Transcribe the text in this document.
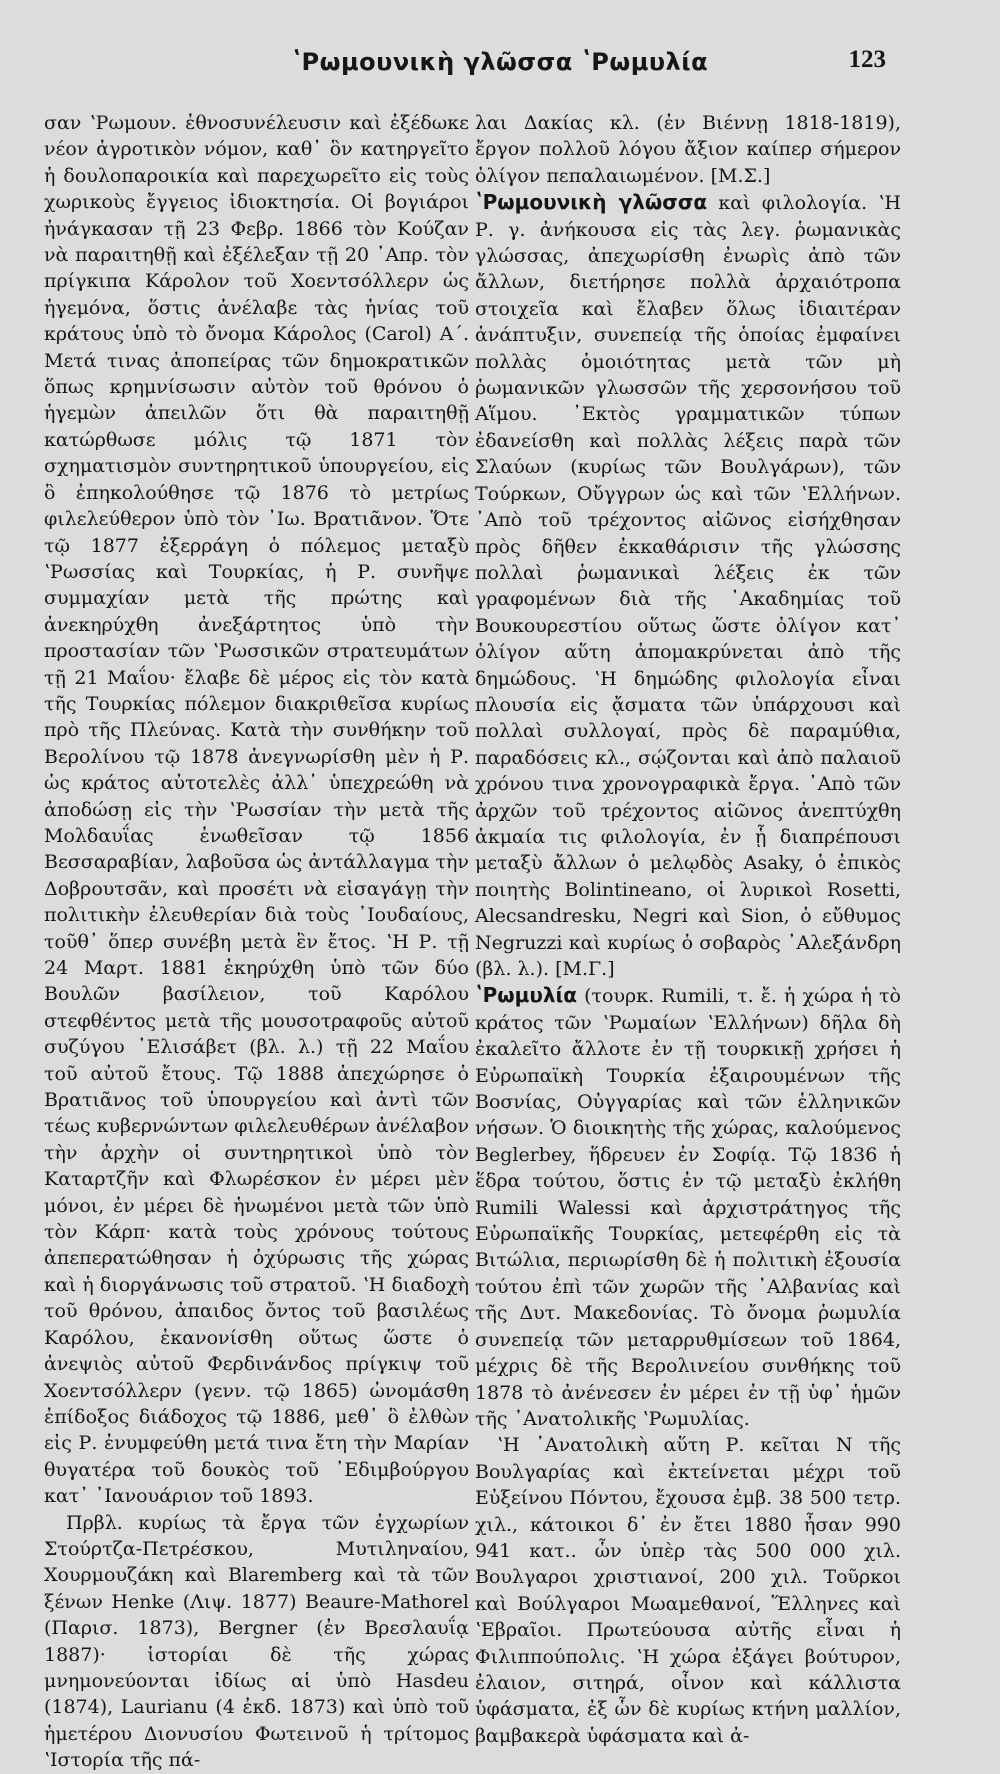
ʽΡωμουνικὴ γλῶσσα ʽΡωμυλία	123

σαν ʽΡωμουν. ἐθνοσυνέλευσιν καὶ ἐξέδωκε νέον ἀγροτικὸν νόμον, καθ᾽ ὃν κατηργεῖτο ἡ δουλοπαροικία καὶ παρεχωρεῖτο εἰς τοὺς χωρικοὺς ἔγγειος ἰδιοκτησία. Οἱ βογιάροι ἠνάγκασαν τῇ 23 Φεβρ. 1866 τὸν Κούζαν νὰ παραιτηθῇ καὶ ἐξέλεξαν τῇ 20 ᾽Απρ. τὸν πρίγκιπα Κάρολον τοῦ Χοεντσόλλερν ὡς ἡγεμόνα, ὅστις ἀνέλαβε τὰς ἡνίας τοῦ κράτους ὑπὸ τὸ ὄνομα Κάρολος (Carol) Α΄. Μετά τινας ἀποπείρας τῶν δημοκρατικῶν ὅπως κρημνίσωσιν αὐτὸν τοῦ θρόνου ὁ ἡγεμὼν ἀπειλῶν ὅτι θὰ παραιτηθῇ κατώρθωσε μόλις τῷ 1871 τὸν σχηματισμὸν συντηρητικοῦ ὑπουργείου, εἰς ὃ ἐπηκολούθησε τῷ 1876 τὸ μετρίως φιλελεύθερον ὑπὸ τὸν ᾽Ιω. Βρατιᾶνον. Ὅτε τῷ 1877 ἐξερράγη ὁ πόλεμος μεταξὺ ʽΡωσσίας καὶ Τουρκίας, ἡ Ρ. συνῆψε συμμαχίαν μετὰ τῆς πρώτης καὶ ἀνεκηρύχθη ἀνεξάρτητος ὑπὸ τὴν προστασίαν τῶν ʽΡωσσικῶν στρατευμάτων τῇ 21 Μαΐου· ἔλαβε δὲ μέρος εἰς τὸν κατὰ τῆς Τουρκίας πόλεμον διακριθεῖσα κυρίως πρὸ τῆς Πλεύνας. Κατὰ τὴν συνθήκην τοῦ Βερολίνου τῷ 1878 ἀνεγνωρίσθη μὲν ἡ Ρ. ὡς κράτος αὐτοτελὲς ἀλλ᾽ ὑπεχρεώθη νὰ ἀποδώσῃ εἰς τὴν ʽΡωσσίαν τὴν μετὰ τῆς Μολδαυΐας ἑνωθεῖσαν τῷ 1856 Βεσσαραβίαν, λαβοῦσα ὡς ἀντάλλαγμα τὴν Δοβρουτσᾶν, καὶ προσέτι νὰ εἰσαγάγῃ τὴν πολιτικὴν ἐλευθερίαν διὰ τοὺς ᾽Ιουδαίους, τοῦθ᾽ ὅπερ συνέβη μετὰ ἓν ἔτος. ʽΗ Ρ. τῇ 24 Μαρτ. 1881 ἐκηρύχθη ὑπὸ τῶν δύο Βουλῶν βασίλειον, τοῦ Καρόλου στεφθέντος μετὰ τῆς μουσοτραφοῦς αὐτοῦ συζύγου ᾽Ελισάβετ (βλ. λ.) τῇ 22 Μαΐου τοῦ αὐτοῦ ἔτους. Τῷ 1888 ἀπεχώρησε ὁ Βρατιᾶνος τοῦ ὑπουργείου καὶ ἀντὶ τῶν τέως κυβερνώντων φιλελευθέρων ἀνέλαβον τὴν ἀρχὴν οἱ συντηρητικοὶ ὑπὸ τὸν Καταρτζῆν καὶ Φλωρέσκον ἐν μέρει μὲν μόνοι, ἐν μέρει δὲ ἡνωμένοι μετὰ τῶν ὑπὸ τὸν Κάρπ· κατὰ τοὺς χρόνους τούτους ἀπεπερατώθησαν ἡ ὀχύρωσις τῆς χώρας καὶ ἡ διοργάνωσις τοῦ στρατοῦ. ʽΗ διαδοχὴ τοῦ θρόνου, ἀπαιδος ὄντος τοῦ βασιλέως Καρόλου, ἐκανονίσθη οὕτως ὥστε ὁ ἀνεψιὸς αὐτοῦ Φερδινάνδος πρίγκιψ τοῦ Χοεντσόλλερν (γενν. τῷ 1865) ὠνομάσθη ἐπίδοξος διάδοχος τῷ 1886, μεθ᾽ ὃ ἐλθὼν εἰς Ρ. ἐνυμφεύθη μετά τινα ἔτη τὴν Μαρίαν θυγατέρα τοῦ δουκὸς τοῦ ᾽Εδιμβούργου κατ᾽ ᾽Ιανουάριον τοῦ 1893.

Πρβλ. κυρίως τὰ ἔργα τῶν ἐγχωρίων Στούρτζα-Πετρέσκου, Μυτιληναίου, Χουρμουζάκη καὶ Blaremberg καὶ τὰ τῶν ξένων Henke (Λιψ. 1877) Beaure-Mathorel (Παρισ. 1873), Bergner (ἐν Βρεσλαυΐᾳ 1887)· ἱστορίαι δὲ τῆς χώρας μνημονεύονται ἰδίως αἱ ὑπὸ Hasdeu (1874), Laurianu (4 ἐκδ. 1873) καὶ ὑπὸ τοῦ ἡμετέρου Διονυσίου Φωτεινοῦ ἡ τρίτομος ʽΙστορία τῆς πά-

λαι Δακίας κλ. (ἐν Βιέννῃ 1818-1819), ἔργον πολλοῦ λόγου ἄξιον καίπερ σήμερον ὀλίγον πεπαλαιωμένον. [Μ.Σ.]

ʽΡωμουνικὴ γλῶσσα καὶ φιλολογία. ʽΗ Ρ. γ. ἀνήκουσα εἰς τὰς λεγ. ῥωμανικὰς γλώσσας, ἀπεχωρίσθη ἐνωρὶς ἀπὸ τῶν ἄλλων, διετήρησε πολλὰ ἀρχαιότροπα στοιχεῖα καὶ ἔλαβεν ὅλως ἰδιαιτέραν ἀνάπτυξιν, συνεπείᾳ τῆς ὁποίας ἐμφαίνει πολλὰς ὁμοιότητας μετὰ τῶν μὴ ῥωμανικῶν γλωσσῶν τῆς χερσονήσου τοῦ Αἵμου. ᾽Εκτὸς γραμματικῶν τύπων ἐδανείσθη καὶ πολλὰς λέξεις παρὰ τῶν Σλαύων (κυρίως τῶν Βουλγάρων), τῶν Τούρκων, Οὔγγρων ὡς καὶ τῶν ʽΕλλήνων. ᾽Απὸ τοῦ τρέχοντος αἰῶνος εἰσήχθησαν πρὸς δῆθεν ἐκκαθάρισιν τῆς γλώσσης πολλαὶ ῥωμανικαὶ λέξεις ἐκ τῶν γραφομένων διὰ τῆς ᾽Ακαδημίας τοῦ Βουκουρεστίου οὕτως ὥστε ὀλίγον κατ᾽ ὀλίγον αὕτη ἀπομακρύνεται ἀπὸ τῆς δημώδους. ʽΗ δημώδης φιλολογία εἶναι πλουσία εἰς ᾄσματα τῶν ὑπάρχουσι καὶ πολλαὶ συλλογαί, πρὸς δὲ παραμύθια, παραδόσεις κλ., σῴζονται καὶ ἀπὸ παλαιοῦ χρόνου τινα χρονογραφικὰ ἔργα. ᾽Απὸ τῶν ἀρχῶν τοῦ τρέχοντος αἰῶνος ἀνεπτύχθη ἀκμαία τις φιλολογία, ἐν ᾗ διαπρέπουσι μεταξὺ ἄλλων ὁ μελῳδὸς Asaky, ὁ ἐπικὸς ποιητὴς Bolintineano, οἱ λυρικοὶ Rosetti, Alecsandresku, Negri καὶ Sion, ὁ εὔθυμος Negruzzi καὶ κυρίως ὁ σοβαρὸς ᾽Αλεξάνδρη (βλ. λ.). [Μ.Γ.]

ʽΡωμυλία (τουρκ. Rumili, τ. ἔ. ἡ χώρα ἡ τὸ κράτος τῶν ʽΡωμαίων ʽΕλλήνων) δῆλα δὴ ἐκαλεῖτο ἄλλοτε ἐν τῇ τουρκικῇ χρήσει ἡ Εὐρωπαϊκὴ Τουρκία ἐξαιρουμένων τῆς Βοσνίας, Οὐγγαρίας καὶ τῶν ἑλληνικῶν νήσων. Ὁ διοικητὴς τῆς χώρας, καλούμενος Beglerbey, ἥδρευεν ἐν Σοφίᾳ. Τῷ 1836 ἡ ἕδρα τούτου, ὅστις ἐν τῷ μεταξὺ ἐκλήθη Rumili Walessi καὶ ἀρχιστράτηγος τῆς Εὐρωπαϊκῆς Τουρκίας, μετεφέρθη εἰς τὰ Βιτώλια, περιωρίσθη δὲ ἡ πολιτικὴ ἐξουσία τούτου ἐπὶ τῶν χωρῶν τῆς ᾽Αλβανίας καὶ τῆς Δυτ. Μακεδονίας. Τὸ ὄνομα ῥωμυλία συνεπείᾳ τῶν μεταρρυθμίσεων τοῦ 1864, μέχρις δὲ τῆς Βερολινείου συνθήκης τοῦ 1878 τὸ ἀνένεσεν ἐν μέρει ἐν τῇ ὑφ᾽ ἡμῶν τῆς ᾽Ανατολικῆς ʽΡωμυλίας.

ʽΗ ᾽Ανατολικὴ αὕτη Ρ. κεῖται Ν τῆς Βουλγαρίας καὶ ἐκτείνεται μέχρι τοῦ Εὐξείνου Πόντου, ἔχουσα ἐμβ. 38 500 τετρ. χιλ., κάτοικοι δ᾽ ἐν ἔτει 1880 ἦσαν 990 941 κατ.. ὧν ὑπὲρ τὰς 500 000 χιλ. Βουλγαροι χριστιανοί, 200 χιλ. Τοῦρκοι καὶ Βούλγαροι Μωαμεθανοί, Ἕλληνες καὶ ʽΕβραῖοι. Πρωτεύουσα αὐτῆς εἶναι ἡ Φιλιππούπολις. ʽΗ χώρα ἐξάγει βούτυρον, ἐλαιον, σιτηρά, οἶνον καὶ κάλλιστα ὑφάσματα, ἐξ ὧν δὲ κυρίως κτήνη μαλλίον, βαμβακερὰ ὑφάσματα καὶ ἀ-
